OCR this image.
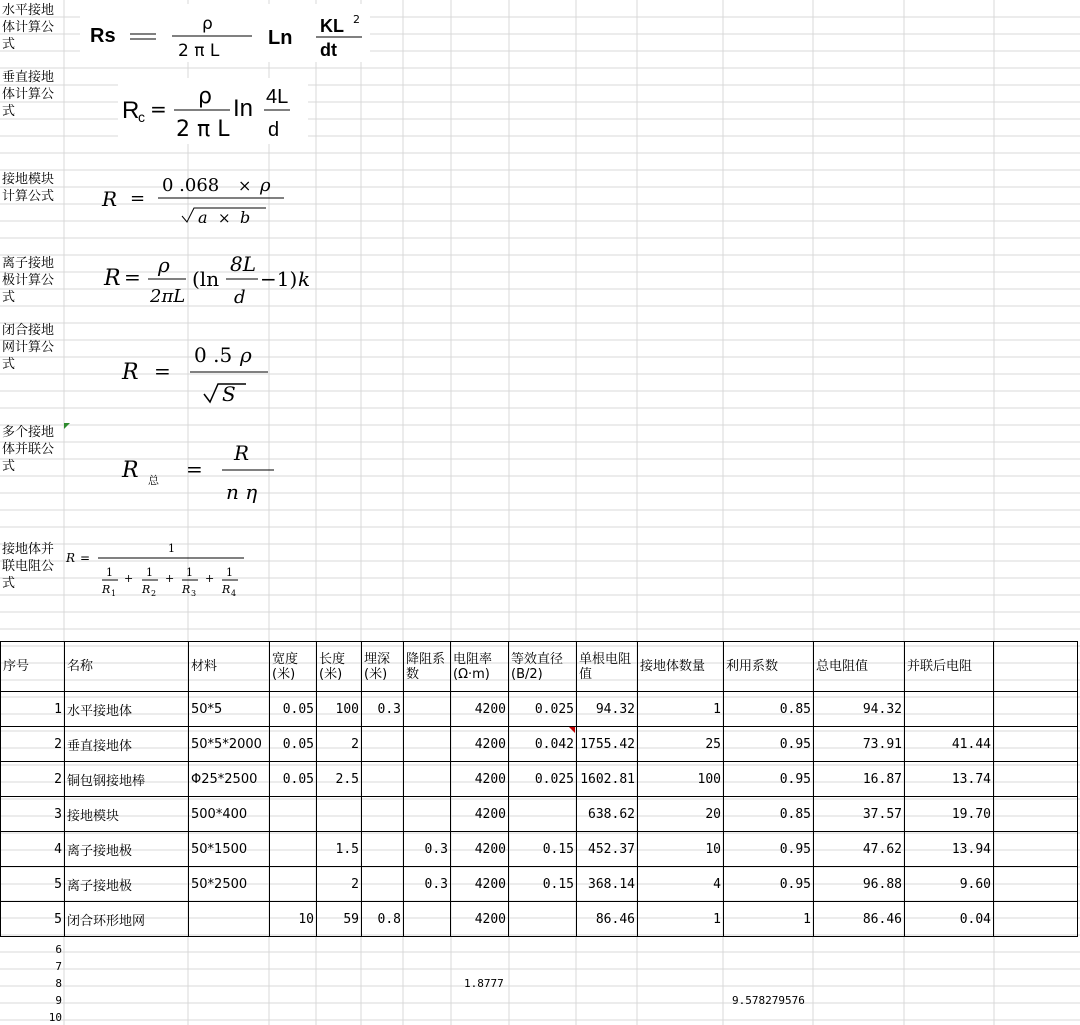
水平接地体计算公式
垂直接地体计算公式
接地模块计算公式
离子接地极计算公式
闭合接地网计算公式
多个接地体并联公式
接地体并联电阻公式
Rs
ρ
2 π L
Ln
KL 2
dt
R
c = ρ
2 π L
In 4L
d
R =
0 .068 × ρ
a × b
R = ρ
2πL
(ln
8L
d
−1) k
R =
0 .5 ρ
S
R 总 =
R
n η
R =
1
1
R 1
+ 1
R 2
+ 1
R 3
+ 1
R 4
序号	名称	材料	宽度(米)	长度(米)	埋深(米)	降阻系数	电阻率(Ω·m)	等效直径(B/2)	单根电阻值	接地体数量	利用系数	总电阻值	并联后电阻	
1	水平接地体	50*5	0.05	100	0.3		4200	0.025	94.32	1	0.85	94.32		
2	垂直接地体	50*5*2000	0.05	2			4200	0.042	1755.42	25	0.95	73.91	41.44	
2	铜包钢接地棒	Φ25*2500	0.05	2.5			4200	0.025	1602.81	100	0.95	16.87	13.74	
3	接地模块	500*400					4200		638.62	20	0.85	37.57	19.70	
4	离子接地极	50*1500		1.5		0.3	4200	0.15	452.37	10	0.95	47.62	13.94	
5	离子接地极	50*2500		2		0.3	4200	0.15	368.14	4	0.95	96.88	9.60	
5	闭合环形地网		10	59	0.8		4200		86.46	1	1	86.46	0.04	
6
7
8
9
10
1.8777
9.578279576
